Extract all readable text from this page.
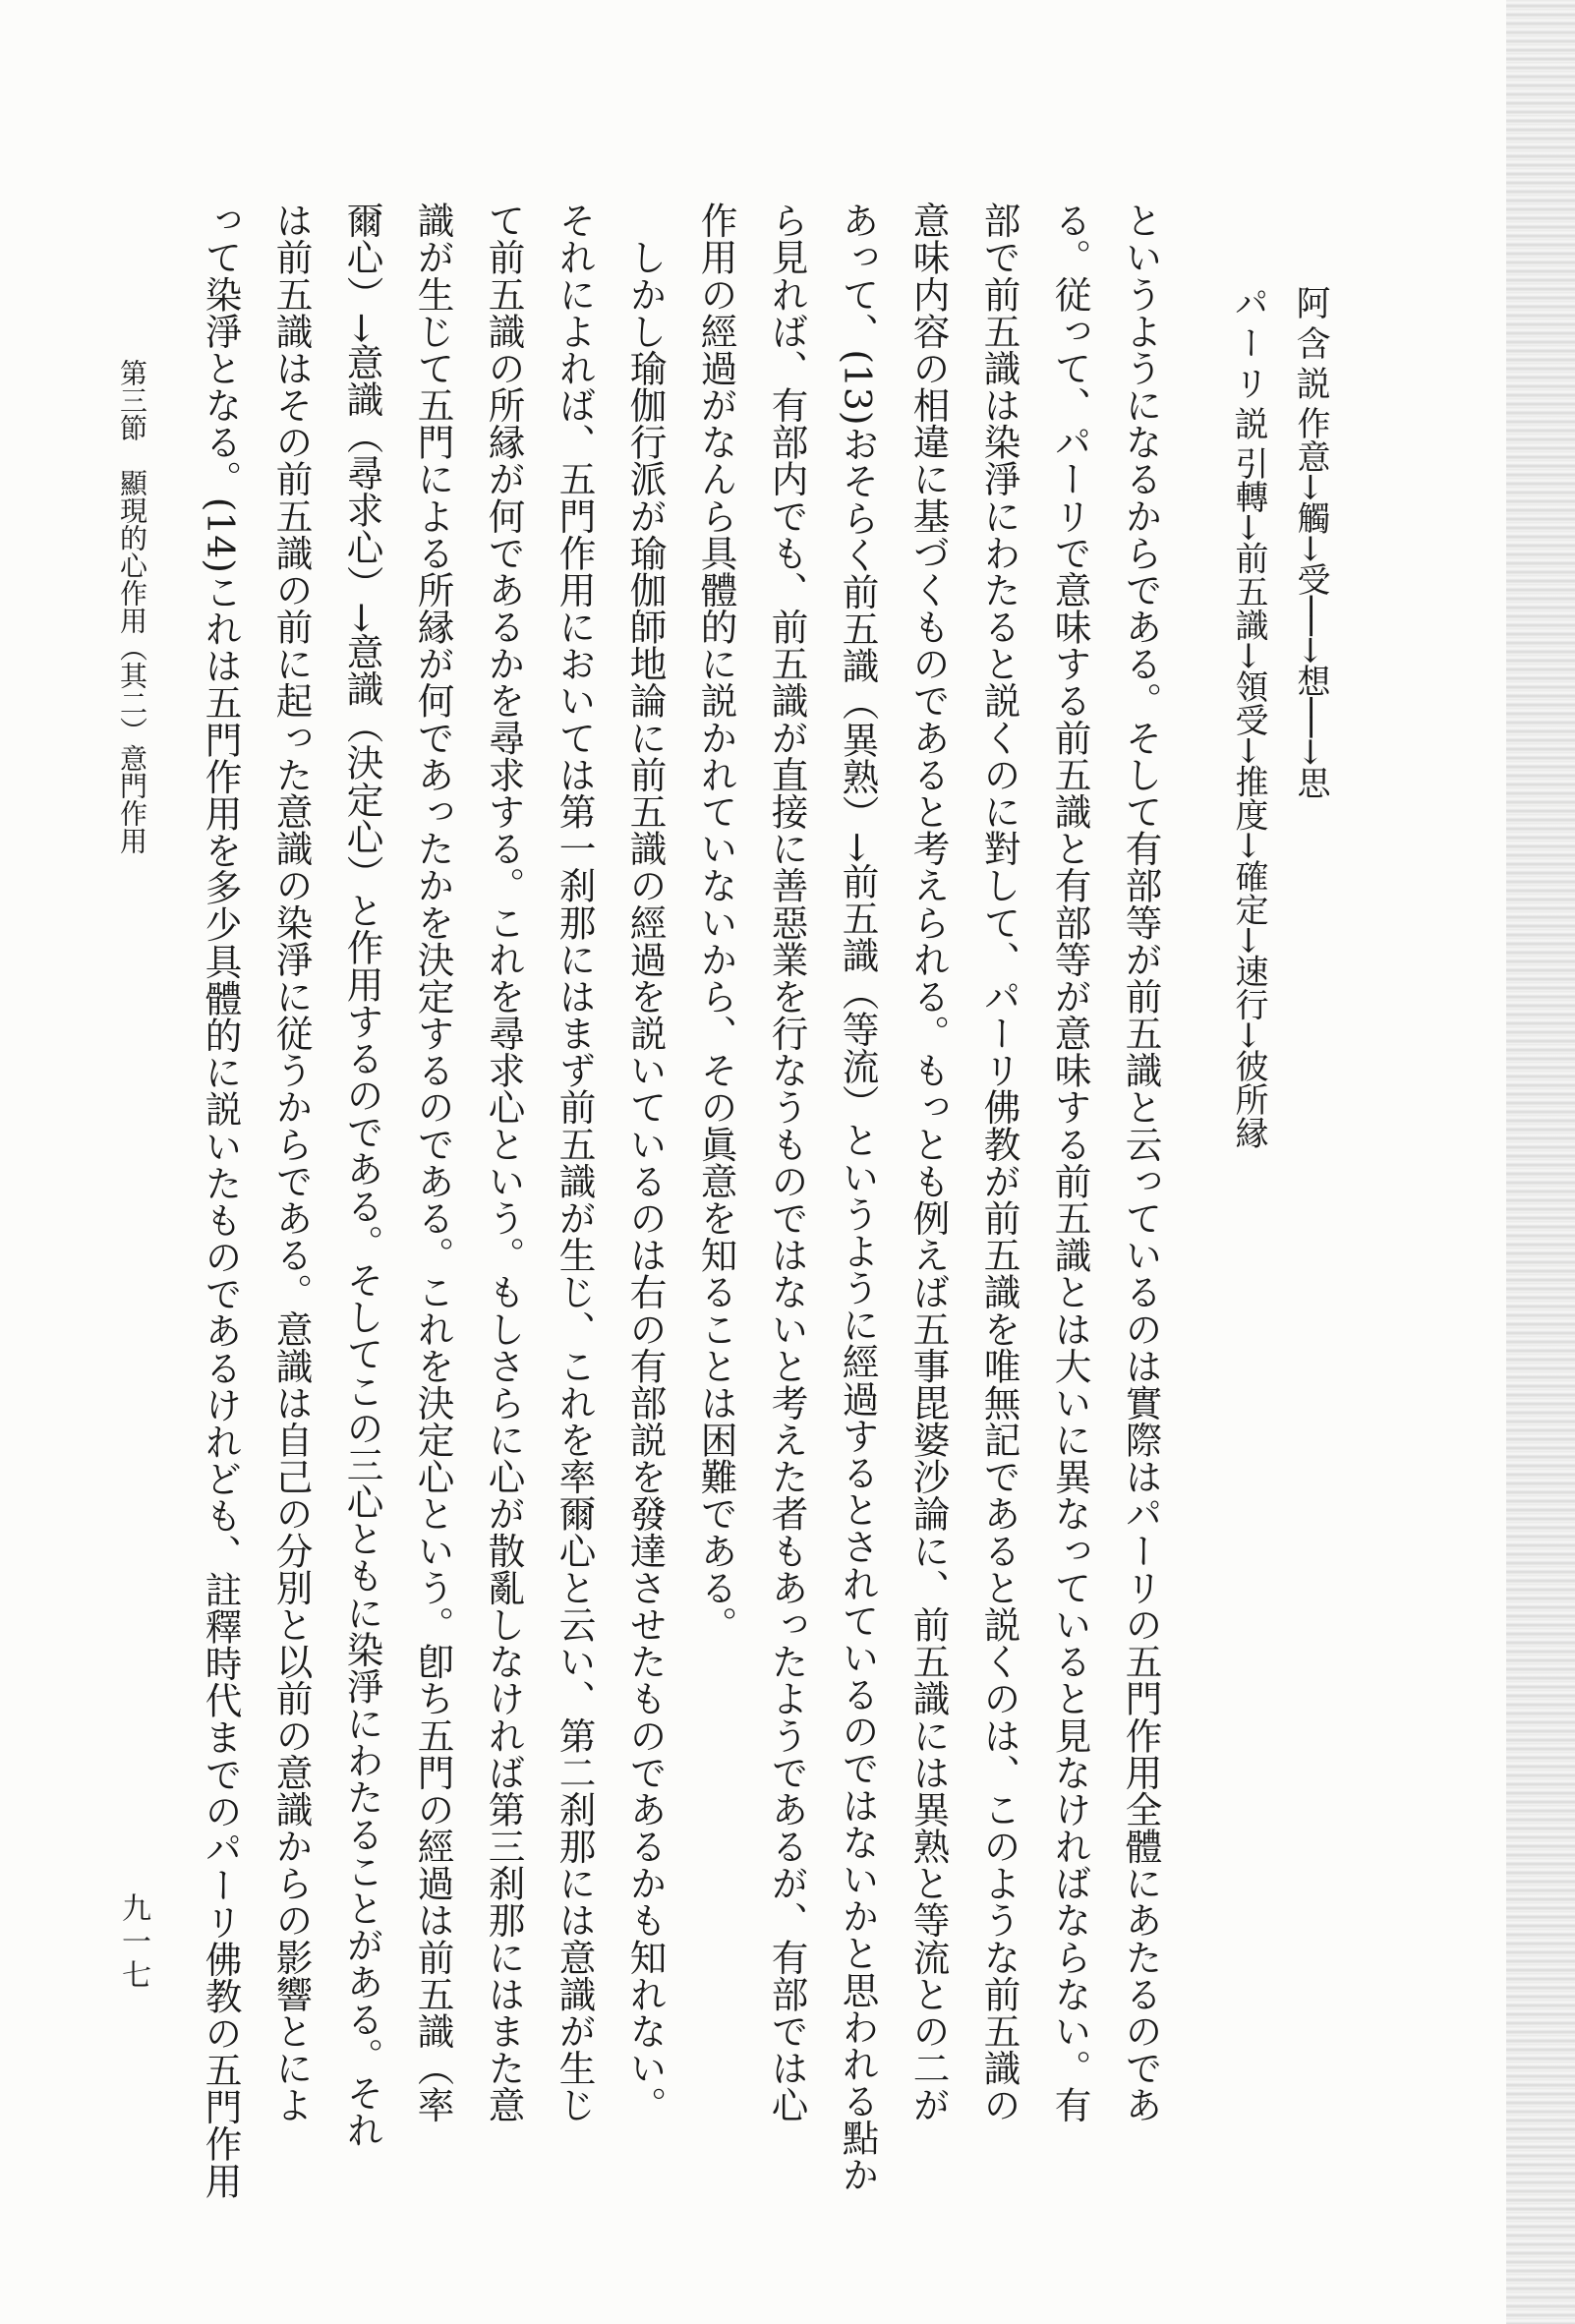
阿含説作意→觸→受──→想──→思
パーリ説引轉→前五識→領受→推度→確定→速行→彼所縁
というようになるからである。そして有部等が前五識と云っているのは實際はパーリの五門作用全體にあたるのであ
る。従って、パーリで意味する前五識と有部等が意味する前五識とは大いに異なっていると見なければならない。有
部で前五識は染淨にわたると説くのに對して、パーリ佛教が前五識を唯無記であると説くのは、このような前五識の
意味内容の相違に基づくものであると考えられる。もっとも例えば五事毘婆沙論に、前五識には異熟と等流との二が
あって、(13)おそらく前五識（異熟）→前五識（等流）というように經過するとされているのではないかと思われる點か
ら見れば、有部内でも、前五識が直接に善惡業を行なうものではないと考えた者もあったようであるが、有部では心
作用の經過がなんら具體的に説かれていないから、その眞意を知ることは困難である。
　しかし瑜伽行派が瑜伽師地論に前五識の經過を説いているのは右の有部説を發達させたものであるかも知れない。
それによれば、五門作用においては第一刹那にはまず前五識が生じ、これを率爾心と云い、第二刹那には意識が生じ
て前五識の所縁が何であるかを尋求する。これを尋求心という。もしさらに心が散亂しなければ第三刹那にはまた意
識が生じて五門による所縁が何であったかを決定するのである。これを決定心という。卽ち五門の經過は前五識（率
爾心）→意識（尋求心）→意識（決定心）と作用するのである。そしてこの三心ともに染淨にわたることがある。それ
は前五識はその前五識の前に起った意識の染淨に従うからである。意識は自己の分別と以前の意識からの影響とによ
って染淨となる。(14)これは五門作用を多少具體的に説いたものであるけれども、註釋時代までのパーリ佛教の五門作用
第三節　顯現的心作用（其二）意門作用
九一七
